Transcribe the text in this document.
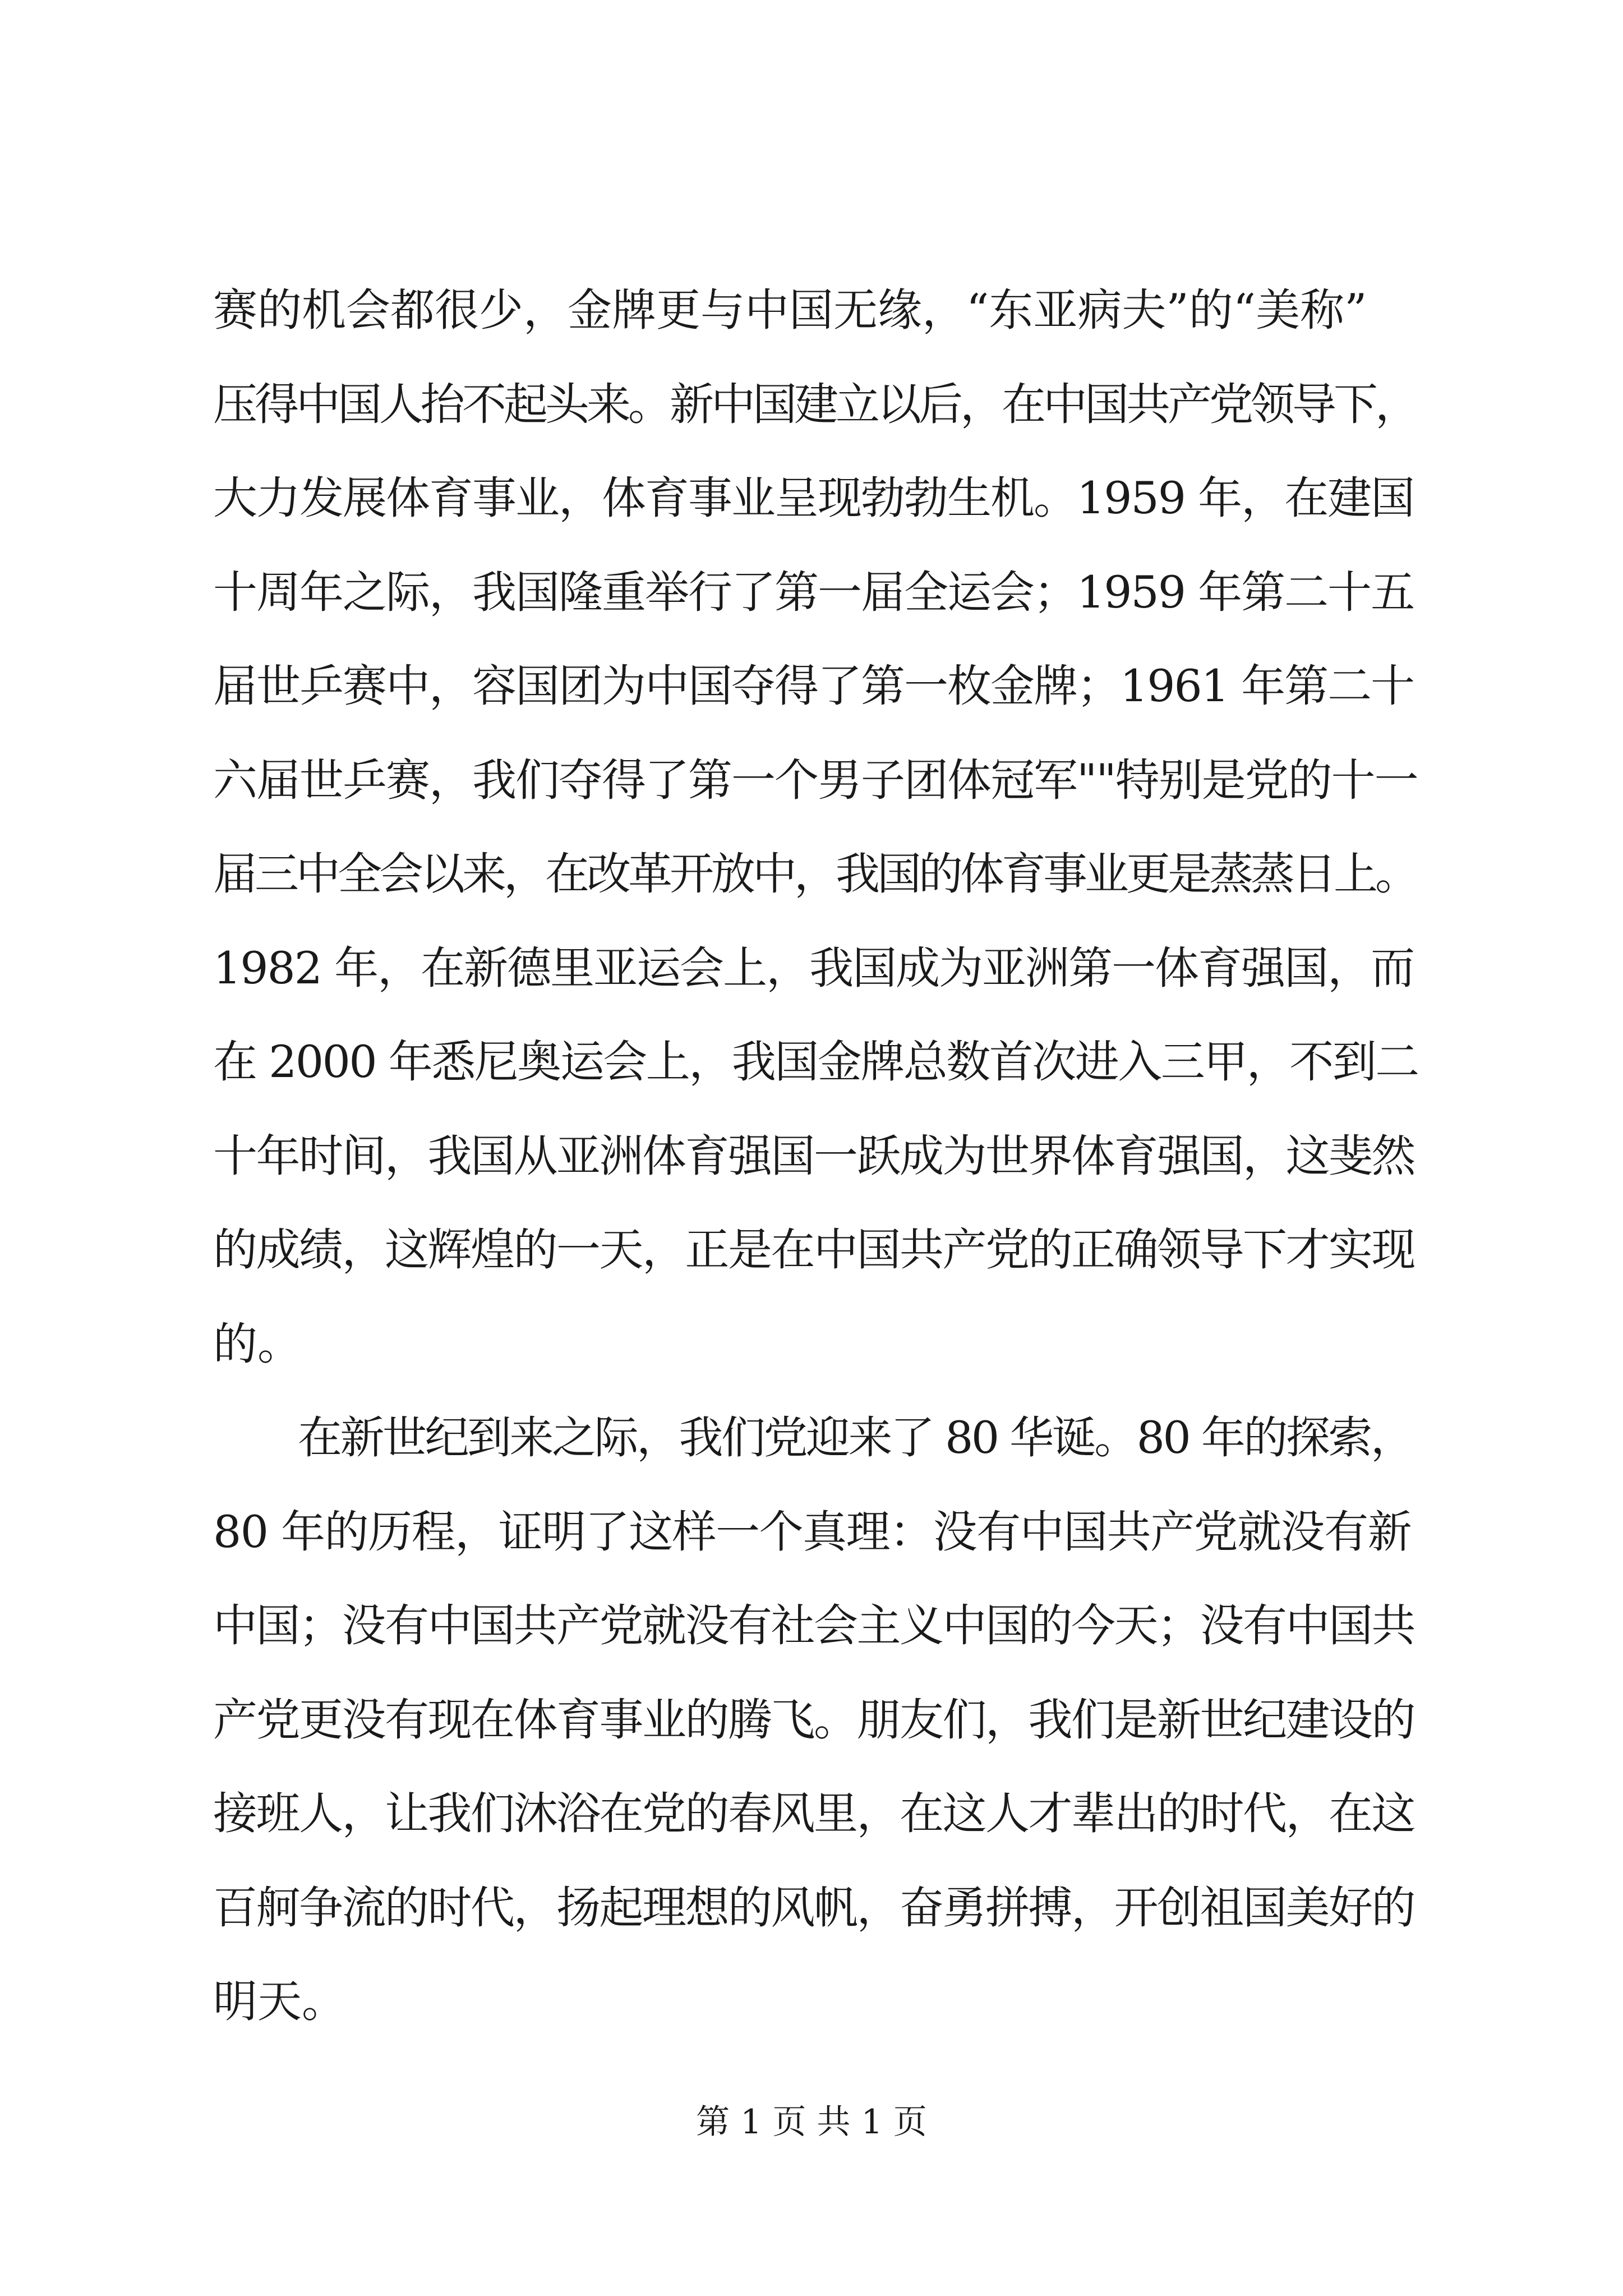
赛的机会都很少，金牌更与中国无缘，“东亚病夫”的“美称”
压得中国人抬不起头来。新中国建立以后，在中国共产党领导下，
大力发展体育事业，体育事业呈现勃勃生机。1959 年，在建国
十周年之际，我国隆重举行了第一届全运会；1959 年第二十五
届世乒赛中，容国团为中国夺得了第一枚金牌；1961 年第二十
六届世乒赛，我们夺得了第一个男子团体冠军""特别是党的十一
届三中全会以来，在改革开放中，我国的体育事业更是蒸蒸日上。
1982 年，在新德里亚运会上，我国成为亚洲第一体育强国，而
在 2000 年悉尼奥运会上，我国金牌总数首次进入三甲，不到二
十年时间，我国从亚洲体育强国一跃成为世界体育强国，这斐然
的成绩，这辉煌的一天，正是在中国共产党的正确领导下才实现
的。
　　在新世纪到来之际，我们党迎来了 80 华诞。80 年的探索，
80 年的历程，证明了这样一个真理：没有中国共产党就没有新
中国；没有中国共产党就没有社会主义中国的今天；没有中国共
产党更没有现在体育事业的腾飞。朋友们，我们是新世纪建设的
接班人，让我们沐浴在党的春风里，在这人才辈出的时代，在这
百舸争流的时代，扬起理想的风帆，奋勇拼搏，开创祖国美好的
明天。
第 1 页 共 1 页
